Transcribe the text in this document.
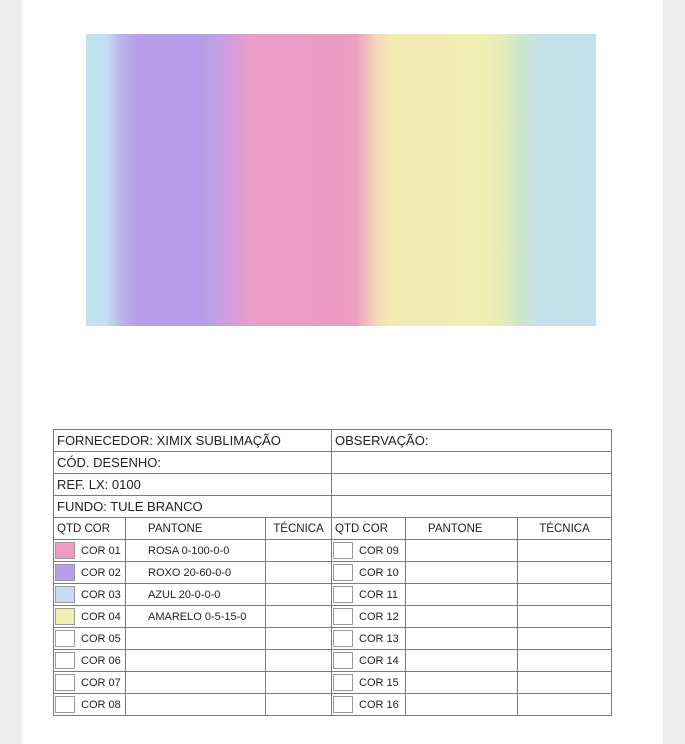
FORNECEDOR: XIMIX SUBLIMAÇÃO			OBSERVAÇÃO:		
CÓD. DESENHO:					
REF. LX: 0100					
FUNDO: TULE BRANCO					
QTD COR	PANTONE	TÉCNICA	QTD COR	PANTONE	TÉCNICA

COR 01	ROSA 0-100-0-0		COR 09		

COR 02	ROXO 20-60-0-0		COR 10		

COR 03	AZUL 20-0-0-0		COR 11		

COR 04	AMARELO 0-5-15-0		COR 12		

COR 05			COR 13		

COR 06			COR 14		

COR 07			COR 15		

COR 08			COR 16		
